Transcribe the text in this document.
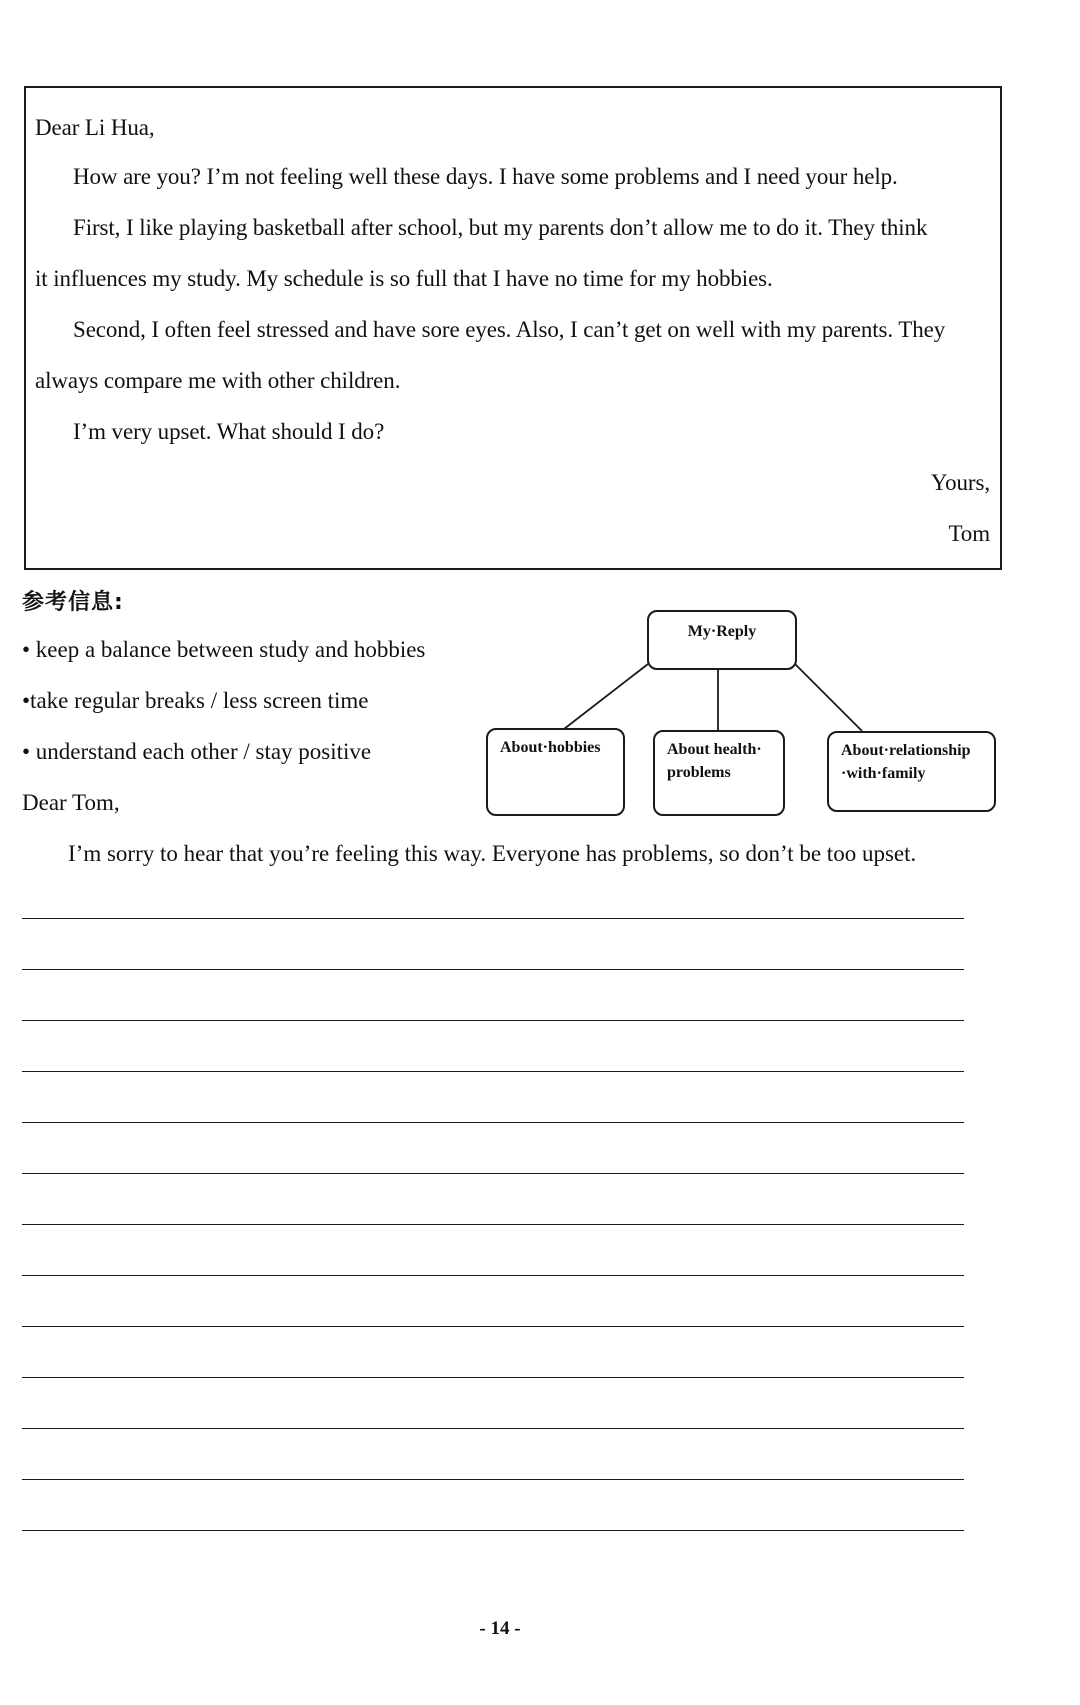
Dear Li Hua,
How are you? I’m not feeling well these days. I have some problems and I need your help.
First, I like playing basketball after school, but my parents don’t allow me to do it. They think
it influences my study. My schedule is so full that I have no time for my hobbies.
Second, I often feel stressed and have sore eyes. Also, I can’t get on well with my parents. They
always compare me with other children.
I’m very upset. What should I do?
Yours,
Tom
参考信息:
• keep a balance between study and hobbies
•take regular breaks / less screen time
• understand each other / stay positive
My·Reply
About·hobbies	About health·
problems
About·relationship
·with·family
Dear Tom,
I’m sorry to hear that you’re feeling this way. Everyone has problems, so don’t be too upset.
- 14 -
